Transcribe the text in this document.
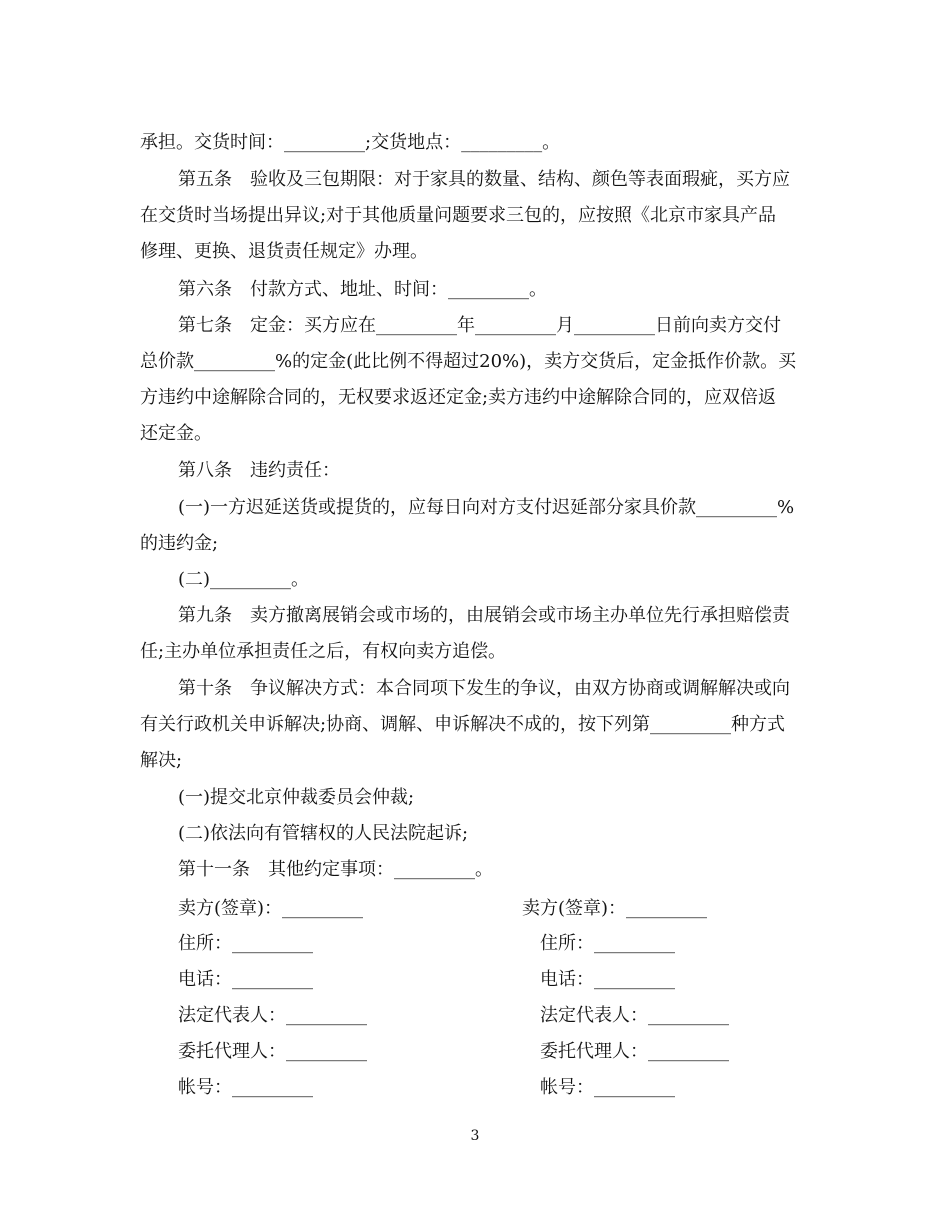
承担。交货时间：_________;交货地点：_________。
第五条　验收及三包期限：对于家具的数量、结构、颜色等表面瑕疵，买方应
在交货时当场提出异议;对于其他质量问题要求三包的，应按照《北京市家具产品
修理、更换、退货责任规定》办理。
第六条　付款方式、地址、时间：_________。
第七条　定金：买方应在_________年_________月_________日前向卖方交付
总价款_________%的定金(此比例不得超过20%)，卖方交货后，定金抵作价款。买
方违约中途解除合同的，无权要求返还定金;卖方违约中途解除合同的，应双倍返
还定金。
第八条　违约责任：
(一)一方迟延送货或提货的，应每日向对方支付迟延部分家具价款_________%
的违约金;
(二)_________。
第九条　卖方撤离展销会或市场的，由展销会或市场主办单位先行承担赔偿责
任;主办单位承担责任之后，有权向卖方追偿。
第十条　争议解决方式：本合同项下发生的争议，由双方协商或调解解决或向
有关行政机关申诉解决;协商、调解、申诉解决不成的，按下列第_________种方式
解决;
(一)提交北京仲裁委员会仲裁;
(二)依法向有管辖权的人民法院起诉;
第十一条　其他约定事项：_________。
卖方(签章)：_________	卖方(签章)：_________
住所：_________	住所：_________
电话：_________	电话：_________
法定代表人：_________	法定代表人：_________
委托代理人：_________	委托代理人：_________
帐号：_________	帐号：_________
3
